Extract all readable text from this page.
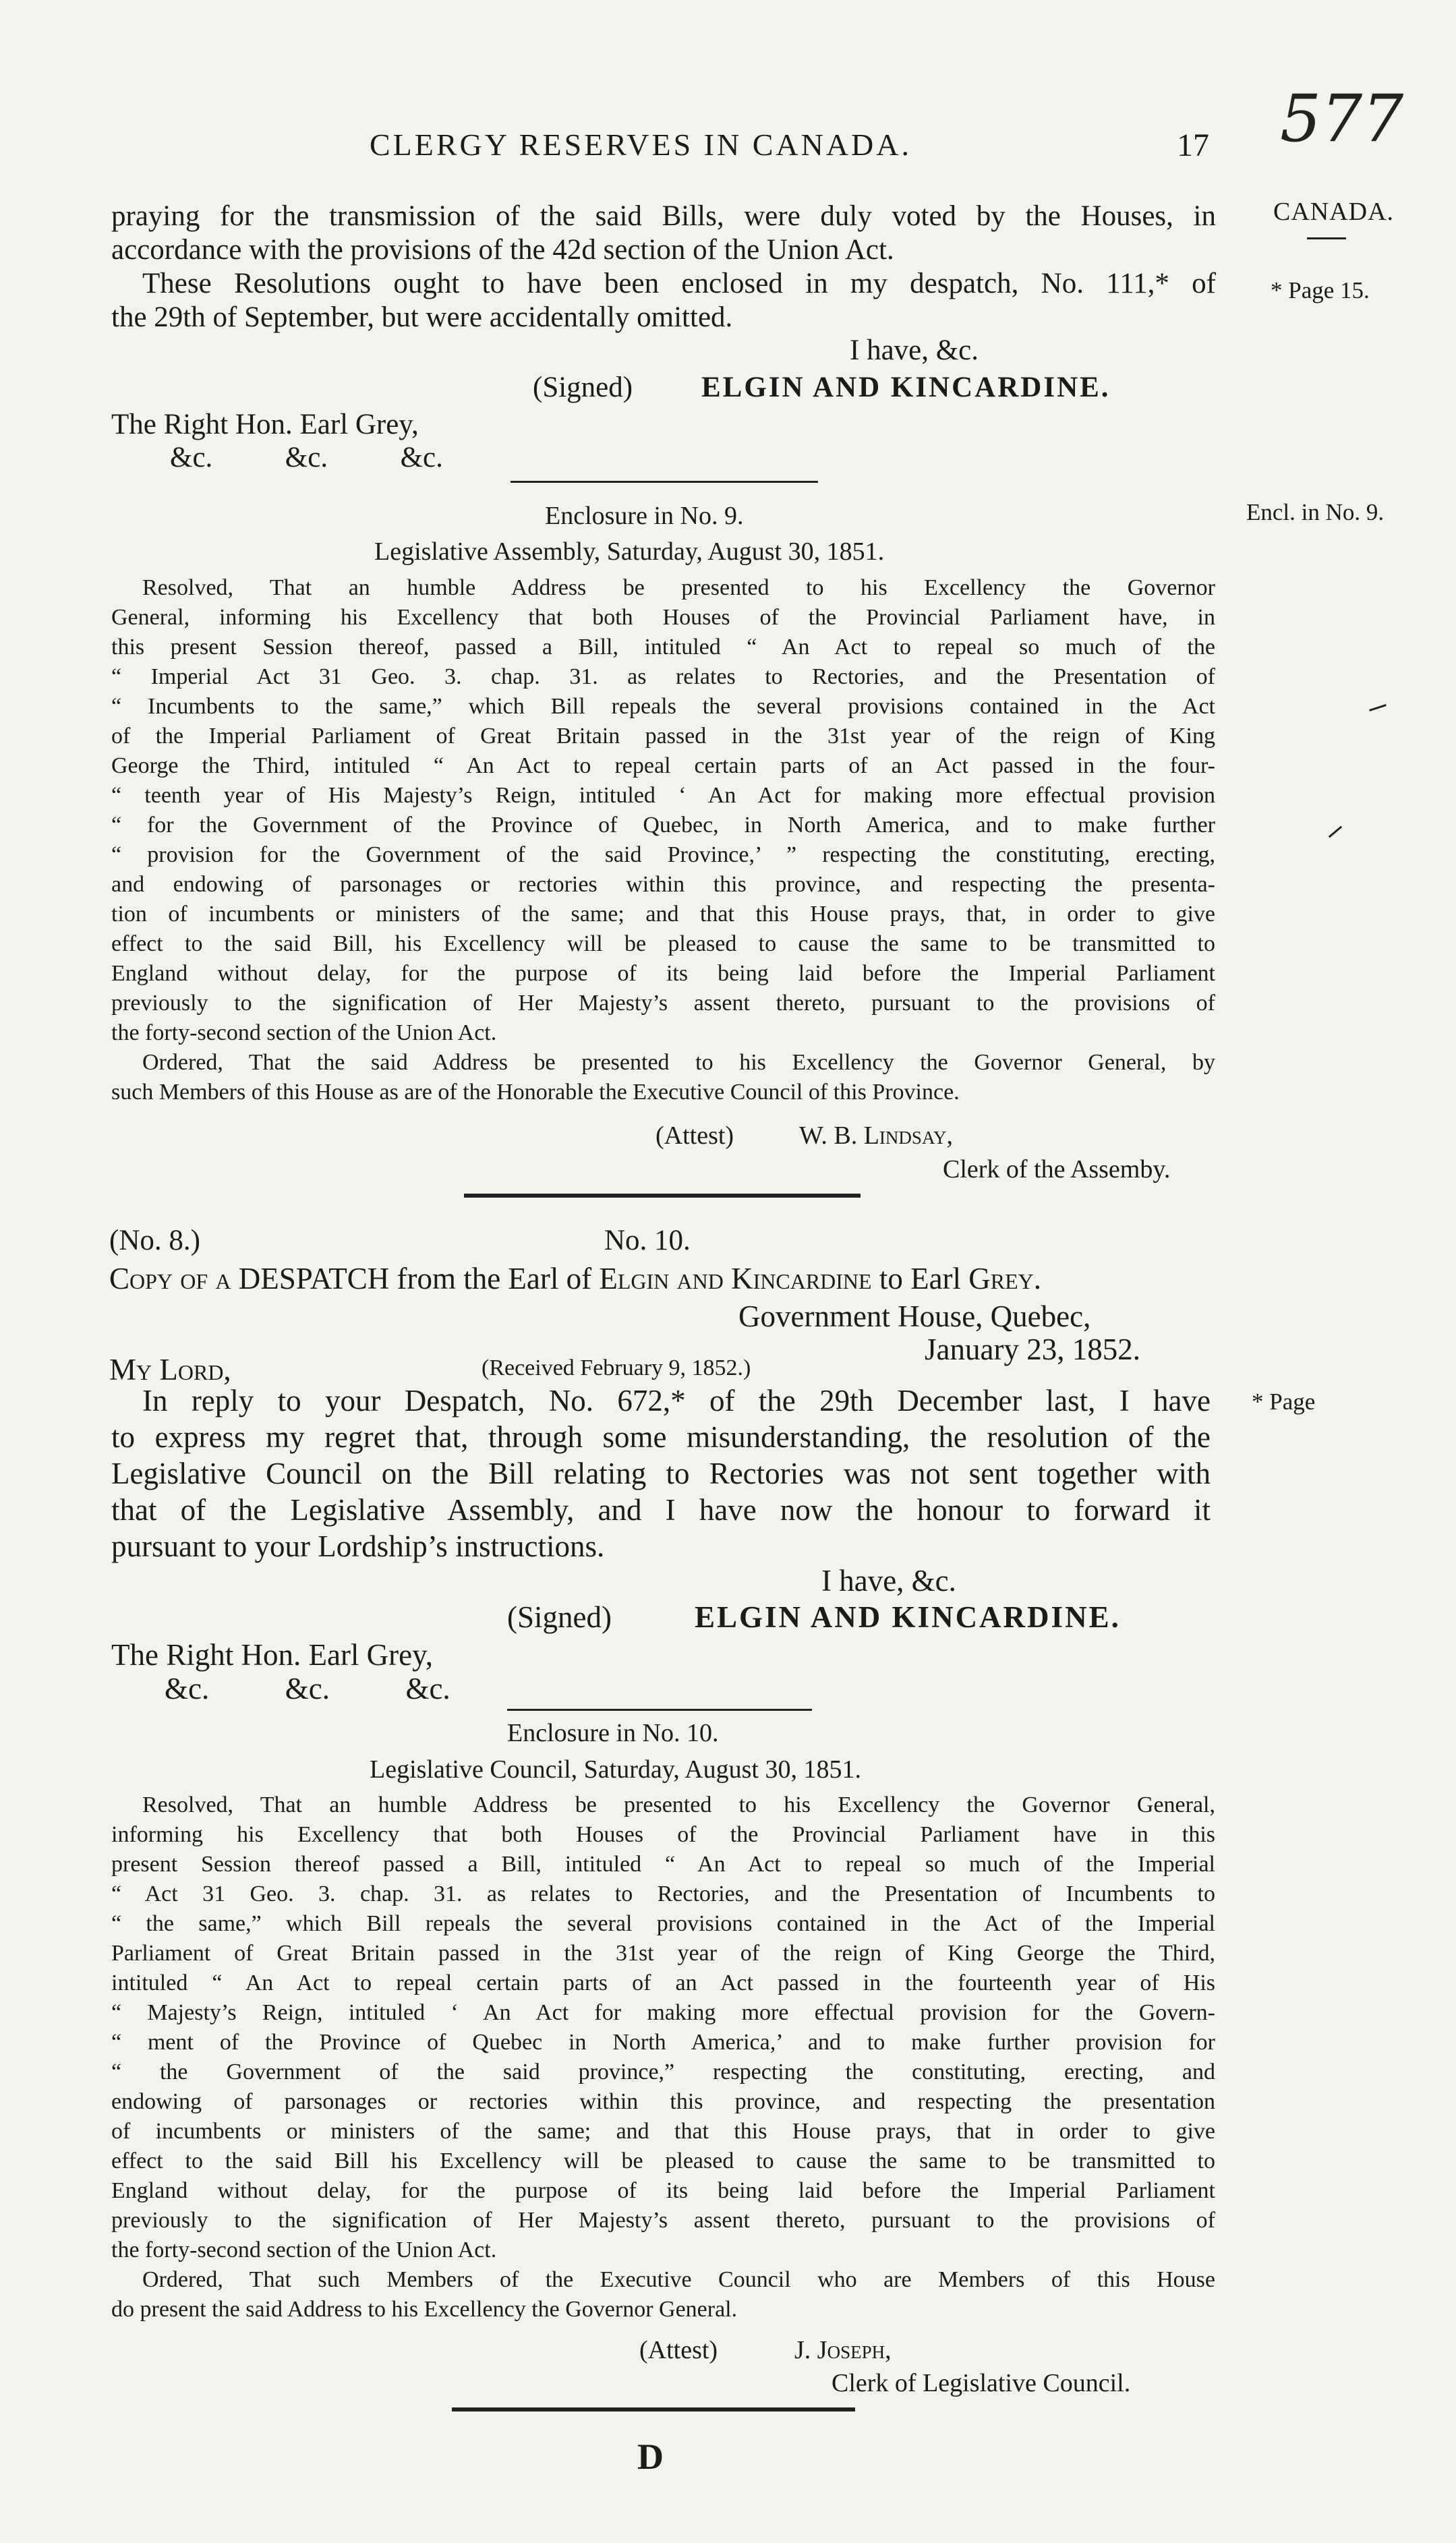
CLERGY RESERVES IN CANADA.	17 577
CANADA.
* Page 15.
Encl. in No. 9.
* Page
praying for the transmission of the said Bills, were duly voted by the Houses, in
accordance with the provisions of the 42d section of the Union Act.
These Resolutions ought to have been enclosed in my despatch, No. 111,* of
the 29th of September, but were accidentally omitted.
I have, &c.
(Signed) ELGIN AND KINCARDINE.
The Right Hon. Earl Grey,
&c.          &c.          &c.
Enclosure in No. 9.
Legislative Assembly, Saturday, August 30, 1851.
Resolved, That an humble Address be presented to his Excellency the Governor
General, informing his Excellency that both Houses of the Provincial Parliament have, in
this present Session thereof, passed a Bill, intituled “ An Act to repeal so much of the
“ Imperial Act 31 Geo. 3. chap. 31. as relates to Rectories, and the Presentation of
“ Incumbents to the same,” which Bill repeals the several provisions contained in the Act
of the Imperial Parliament of Great Britain passed in the 31st year of the reign of King
George the Third, intituled “ An Act to repeal certain parts of an Act passed in the four-
“ teenth year of His Majesty’s Reign, intituled ‘ An Act for making more effectual provision
“ for the Government of the Province of Quebec, in North America, and to make further
“ provision for the Government of the said Province,’ ” respecting the constituting, erecting,
and endowing of parsonages or rectories within this province, and respecting the presenta-
tion of incumbents or ministers of the same; and that this House prays, that, in order to give
effect to the said Bill, his Excellency will be pleased to cause the same to be transmitted to
England without delay, for the purpose of its being laid before the Imperial Parliament
previously to the signification of Her Majesty’s assent thereto, pursuant to the provisions of
the forty-second section of the Union Act.
Ordered, That the said Address be presented to his Excellency the Governor General, by
such Members of this House as are of the Honorable the Executive Council of this Province.
(Attest)	W. B. Lindsay,
Clerk of the Assemby.
(No. 8.)	No. 10.
Copy of a DESPATCH from the Earl of Elgin and Kincardine to Earl Grey.
Government House, Quebec,
January 23, 1852.
My Lord,	(Received February 9, 1852.)
In reply to your Despatch, No. 672,* of the 29th December last, I have
to express my regret that, through some misunderstanding, the resolution of the
Legislative Council on the Bill relating to Rectories was not sent together with
that of the Legislative Assembly, and I have now the honour to forward it
pursuant to your Lordship’s instructions.
I have, &c.
(Signed)	ELGIN AND KINCARDINE.
The Right Hon. Earl Grey,
&c.          &c.          &c.
Enclosure in No. 10.
Legislative Council, Saturday, August 30, 1851.
Resolved, That an humble Address be presented to his Excellency the Governor General,
informing his Excellency that both Houses of the Provincial Parliament have in this
present Session thereof passed a Bill, intituled “ An Act to repeal so much of the Imperial
“ Act 31 Geo. 3. chap. 31. as relates to Rectories, and the Presentation of Incumbents to
“ the same,” which Bill repeals the several provisions contained in the Act of the Imperial
Parliament of Great Britain passed in the 31st year of the reign of King George the Third,
intituled “ An Act to repeal certain parts of an Act passed in the fourteenth year of His
“ Majesty’s Reign, intituled ‘ An Act for making more effectual provision for the Govern-
“ ment of the Province of Quebec in North America,’ and to make further provision for
“ the Government of the said province,” respecting the constituting, erecting, and
endowing of parsonages or rectories within this province, and respecting the presentation
of incumbents or ministers of the same; and that this House prays, that in order to give
effect to the said Bill his Excellency will be pleased to cause the same to be transmitted to
England without delay, for the purpose of its being laid before the Imperial Parliament
previously to the signification of Her Majesty’s assent thereto, pursuant to the provisions of
the forty-second section of the Union Act.
Ordered, That such Members of the Executive Council who are Members of this House
do present the said Address to his Excellency the Governor General.
(Attest)	J. Joseph,
Clerk of Legislative Council.
D
